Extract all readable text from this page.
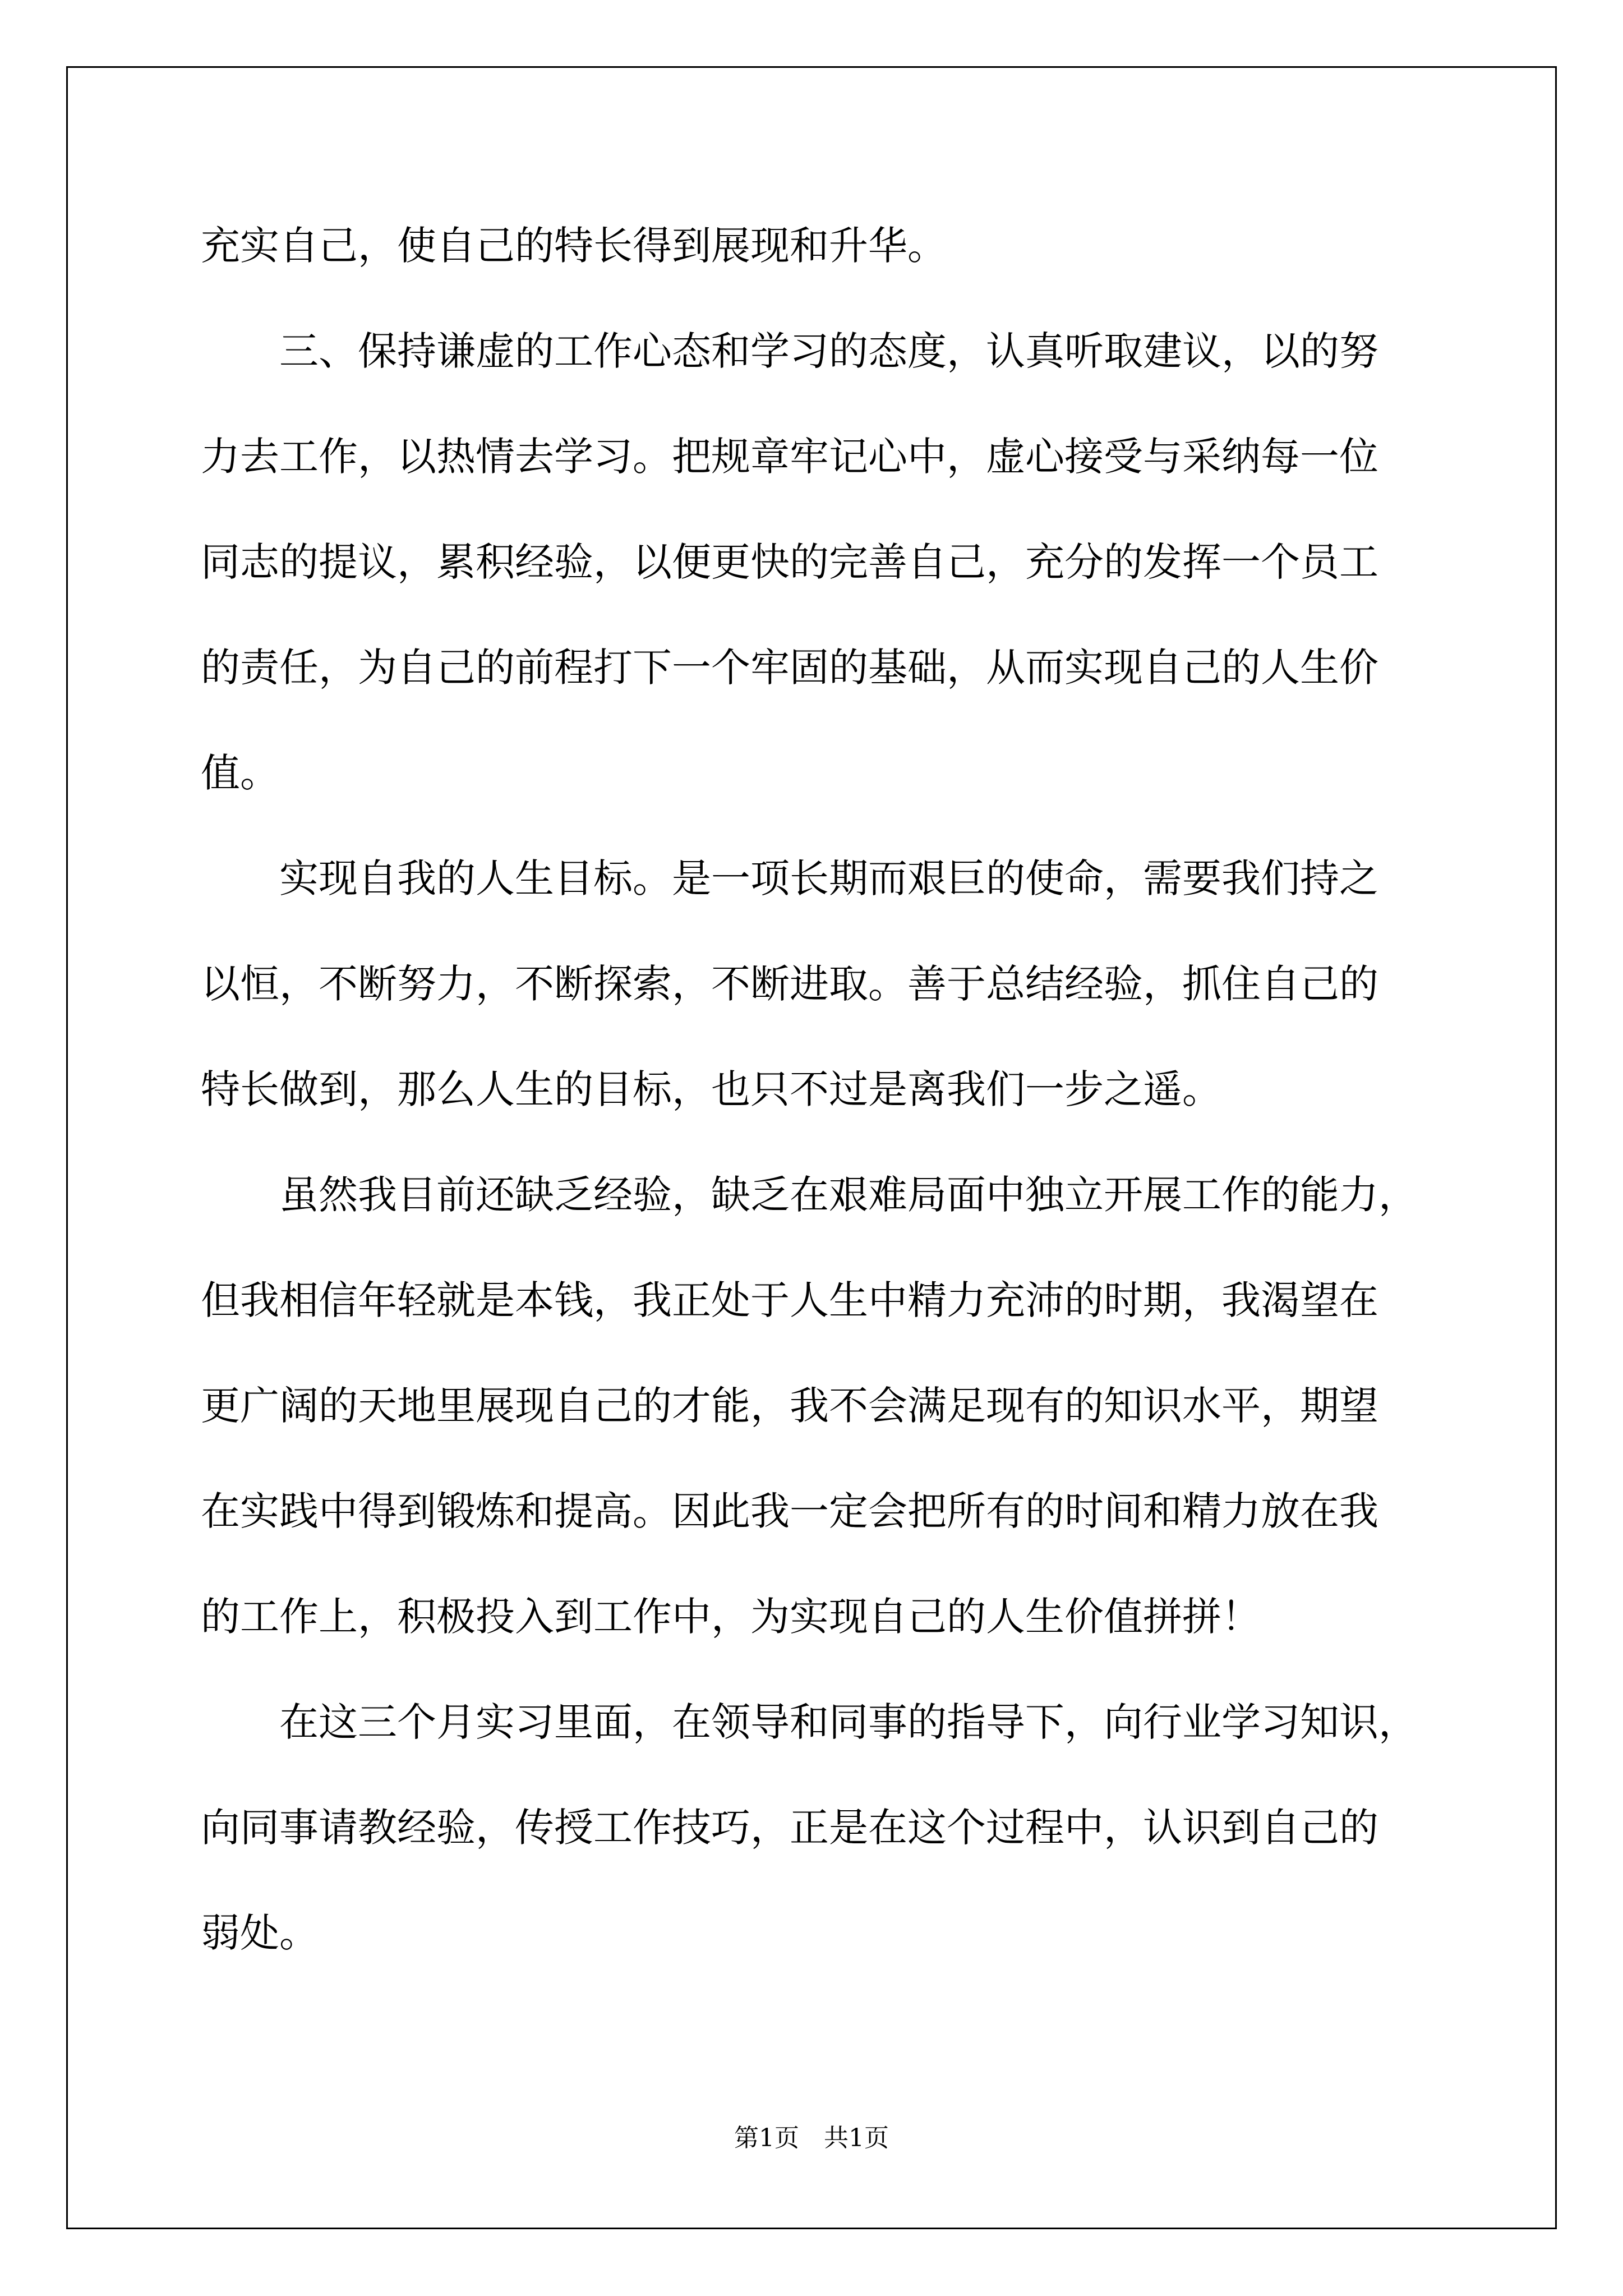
充实自己，使自己的特长得到展现和升华。
　　三、保持谦虚的工作心态和学习的态度，认真听取建议，以的努
力去工作，以热情去学习。把规章牢记心中，虚心接受与采纳每一位
同志的提议，累积经验，以便更快的完善自己，充分的发挥一个员工
的责任，为自己的前程打下一个牢固的基础，从而实现自己的人生价
值。
　　实现自我的人生目标。是一项长期而艰巨的使命，需要我们持之
以恒，不断努力，不断探索，不断进取。善于总结经验，抓住自己的
特长做到，那么人生的目标，也只不过是离我们一步之遥。
　　虽然我目前还缺乏经验，缺乏在艰难局面中独立开展工作的能力，
但我相信年轻就是本钱，我正处于人生中精力充沛的时期，我渴望在
更广阔的天地里展现自己的才能，我不会满足现有的知识水平，期望
在实践中得到锻炼和提高。因此我一定会把所有的时间和精力放在我
的工作上，积极投入到工作中，为实现自己的人生价值拼拼！
　　在这三个月实习里面，在领导和同事的指导下，向行业学习知识，
向同事请教经验，传授工作技巧，正是在这个过程中，认识到自己的
弱处。
第1页　共1页
